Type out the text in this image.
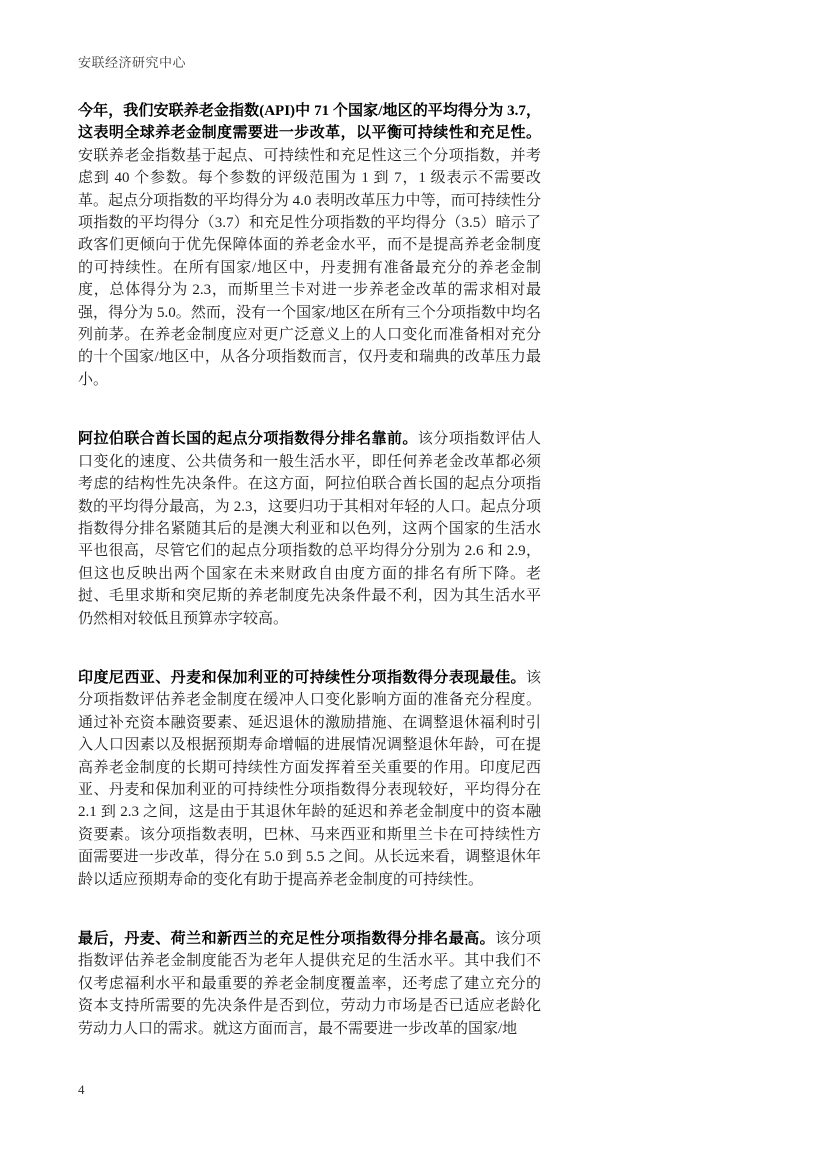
安联经济研究中心

今年，我们安联养老金指数(API)中 71 个国家/地区的平均得分为 3.7，这表明全球养老金制度需要进一步改革，以平衡可持续性和充足性。安联养老金指数基于起点、可持续性和充足性这三个分项指数，并考虑到 40 个参数。每个参数的评级范围为 1 到 7，1 级表示不需要改革。起点分项指数的平均得分为 4.0 表明改革压力中等，而可持续性分项指数的平均得分（3.7）和充足性分项指数的平均得分（3.5）暗示了政客们更倾向于优先保障体面的养老金水平，而不是提高养老金制度的可持续性。在所有国家/地区中，丹麦拥有准备最充分的养老金制度，总体得分为 2.3，而斯里兰卡对进一步养老金改革的需求相对最强，得分为 5.0。然而，没有一个国家/地区在所有三个分项指数中均名列前茅。在养老金制度应对更广泛意义上的人口变化而准备相对充分的十个国家/地区中，从各分项指数而言，仅丹麦和瑞典的改革压力最小。

阿拉伯联合酋长国的起点分项指数得分排名靠前。该分项指数评估人口变化的速度、公共债务和一般生活水平，即任何养老金改革都必须考虑的结构性先决条件。在这方面，阿拉伯联合酋长国的起点分项指数的平均得分最高，为 2.3，这要归功于其相对年轻的人口。起点分项指数得分排名紧随其后的是澳大利亚和以色列，这两个国家的生活水平也很高，尽管它们的起点分项指数的总平均得分分别为 2.6 和 2.9，但这也反映出两个国家在未来财政自由度方面的排名有所下降。老挝、毛里求斯和突尼斯的养老制度先决条件最不利，因为其生活水平仍然相对较低且预算赤字较高。

印度尼西亚、丹麦和保加利亚的可持续性分项指数得分表现最佳。该分项指数评估养老金制度在缓冲人口变化影响方面的准备充分程度。通过补充资本融资要素、延迟退休的激励措施、在调整退休福利时引入人口因素以及根据预期寿命增幅的进展情况调整退休年龄，可在提高养老金制度的长期可持续性方面发挥着至关重要的作用。印度尼西亚、丹麦和保加利亚的可持续性分项指数得分表现较好，平均得分在 2.1 到 2.3 之间，这是由于其退休年龄的延迟和养老金制度中的资本融资要素。该分项指数表明，巴林、马来西亚和斯里兰卡在可持续性方面需要进一步改革，得分在 5.0 到 5.5 之间。从长远来看，调整退休年龄以适应预期寿命的变化有助于提高养老金制度的可持续性。

最后，丹麦、荷兰和新西兰的充足性分项指数得分排名最高。该分项指数评估养老金制度能否为老年人提供充足的生活水平。其中我们不仅考虑福利水平和最重要的养老金制度覆盖率，还考虑了建立充分的资本支持所需要的先决条件是否到位，劳动力市场是否已适应老龄化劳动力人口的需求。就这方面而言，最不需要进一步改革的国家/地

4
